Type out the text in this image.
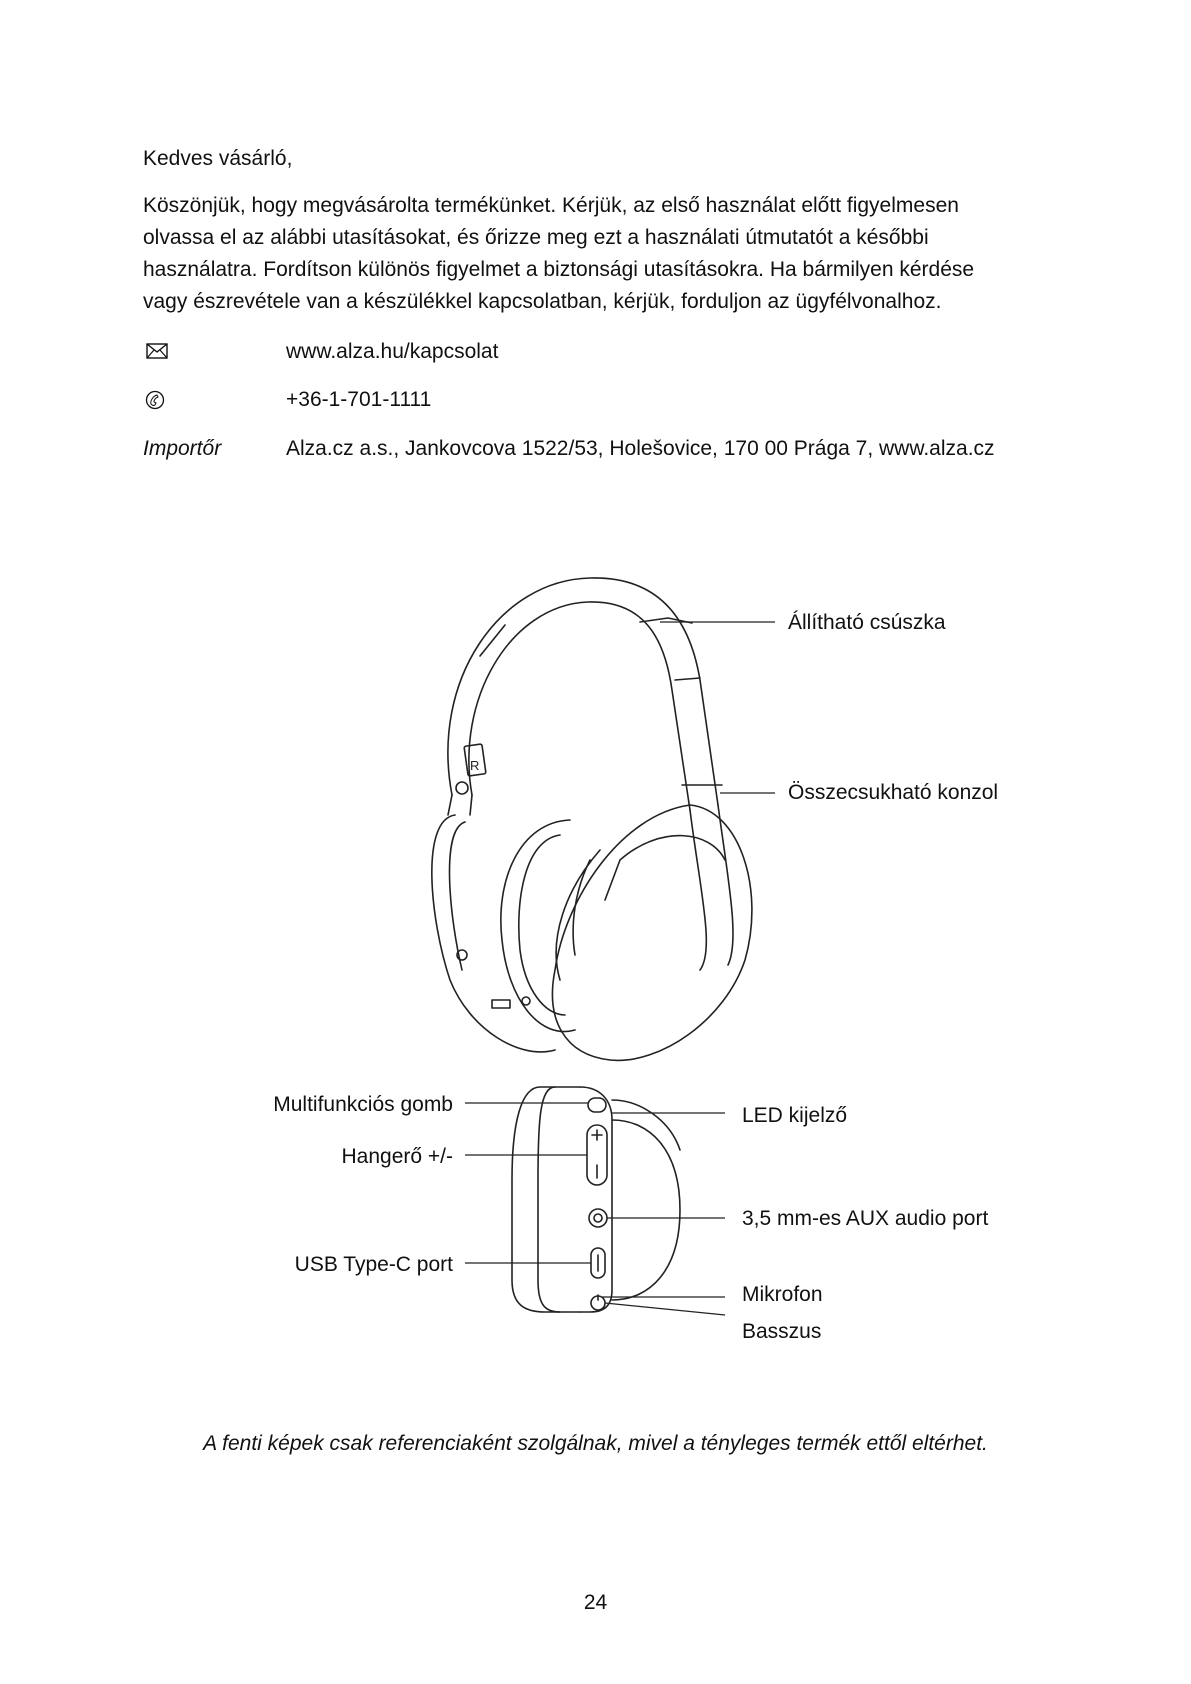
Kedves vásárló,
Köszönjük, hogy megvásárolta termékünket. Kérjük, az első használat előtt figyelmesen
olvassa el az alábbi utasításokat, és őrizze meg ezt a használati útmutatót a későbbi
használatra. Fordítson különös figyelmet a biztonsági utasításokra. Ha bármilyen kérdése
vagy észrevétele van a készülékkel kapcsolatban, kérjük, forduljon az ügyfélvonalhoz.
www.alza.hu/kapcsolat
+36-1-701-1111
Importőr	Alza.cz a.s., Jankovcova 1522/53, Holešovice, 170 00 Prága 7, www.alza.cz
R
Állítható csúszka
Összecsukható konzol
Multifunkciós gomb
Hangerő +/-
USB Type-C port
LED kijelző
3,5 mm-es AUX audio port
Mikrofon
Basszus
A fenti képek csak referenciaként szolgálnak, mivel a tényleges termék ettől eltérhet.
24
